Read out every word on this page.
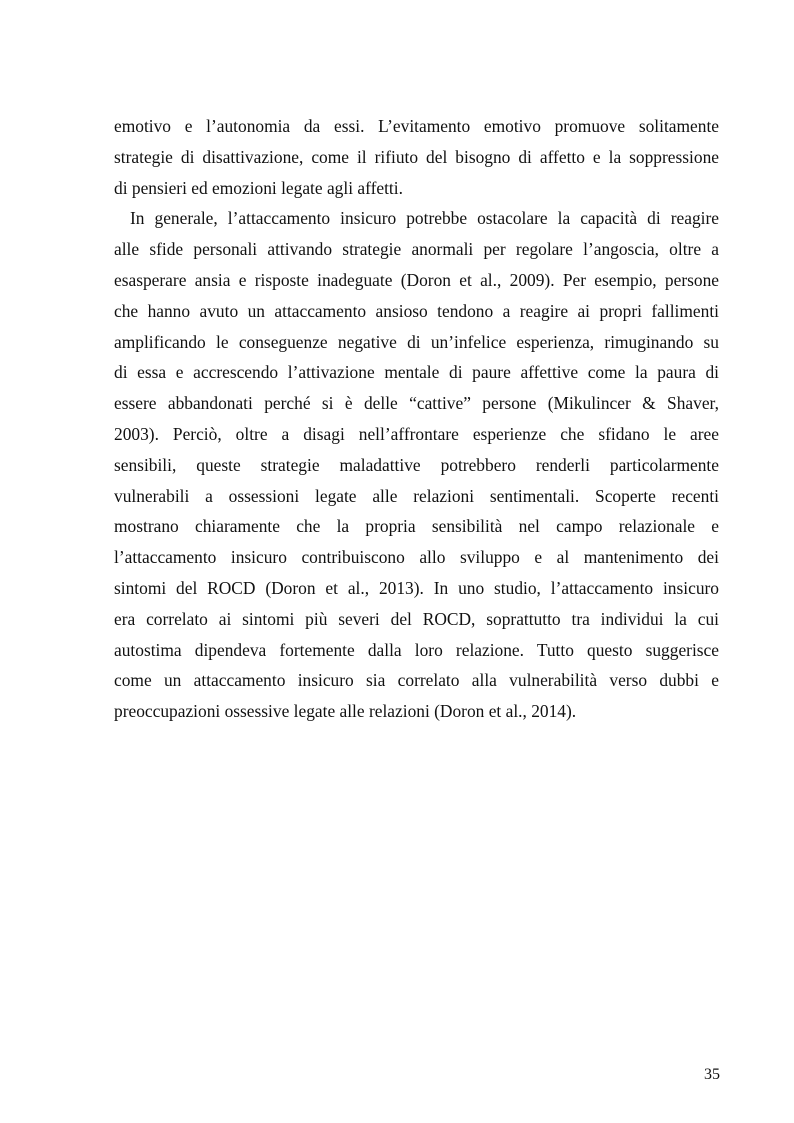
emotivo e l’autonomia da essi. L’evitamento emotivo promuove solitamente
strategie di disattivazione, come il rifiuto del bisogno di affetto e la soppressione
di pensieri ed emozioni legate agli affetti.
In generale, l’attaccamento insicuro potrebbe ostacolare la capacità di reagire
alle sfide personali attivando strategie anormali per regolare l’angoscia, oltre a
esasperare ansia e risposte inadeguate (Doron et al., 2009). Per esempio, persone
che hanno avuto un attaccamento ansioso tendono a reagire ai propri fallimenti
amplificando le conseguenze negative di un’infelice esperienza, rimuginando su
di essa e accrescendo l’attivazione mentale di paure affettive come la paura di
essere abbandonati perché si è delle “cattive” persone (Mikulincer & Shaver,
2003). Perciò, oltre a disagi nell’affrontare esperienze che sfidano le aree
sensibili, queste strategie maladattive potrebbero renderli particolarmente
vulnerabili a ossessioni legate alle relazioni sentimentali. Scoperte recenti
mostrano chiaramente che la propria sensibilità nel campo relazionale e
l’attaccamento insicuro contribuiscono allo sviluppo e al mantenimento dei
sintomi del ROCD (Doron et al., 2013). In uno studio, l’attaccamento insicuro
era correlato ai sintomi più severi del ROCD, soprattutto tra individui la cui
autostima dipendeva fortemente dalla loro relazione. Tutto questo suggerisce
come un attaccamento insicuro sia correlato alla vulnerabilità verso dubbi e
preoccupazioni ossessive legate alle relazioni (Doron et al., 2014).
35
